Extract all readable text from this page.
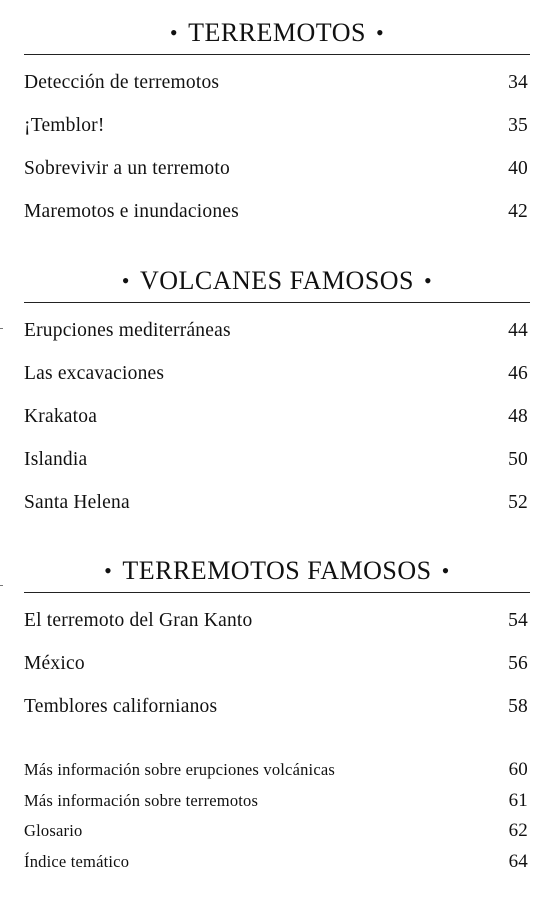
• TERREMOTOS •
Detección de terremotos	34
¡Temblor!	35
Sobrevivir a un terremoto	40
Maremotos e inundaciones	42
• VOLCANES FAMOSOS •
Erupciones mediterráneas	44
Las excavaciones	46
Krakatoa	48
Islandia	50
Santa Helena	52
• TERREMOTOS FAMOSOS •
El terremoto del Gran Kanto	54
México	56
Temblores californianos	58
Más información sobre erupciones volcánicas	60
Más información sobre terremotos	61
Glosario	62
Índice temático	64
